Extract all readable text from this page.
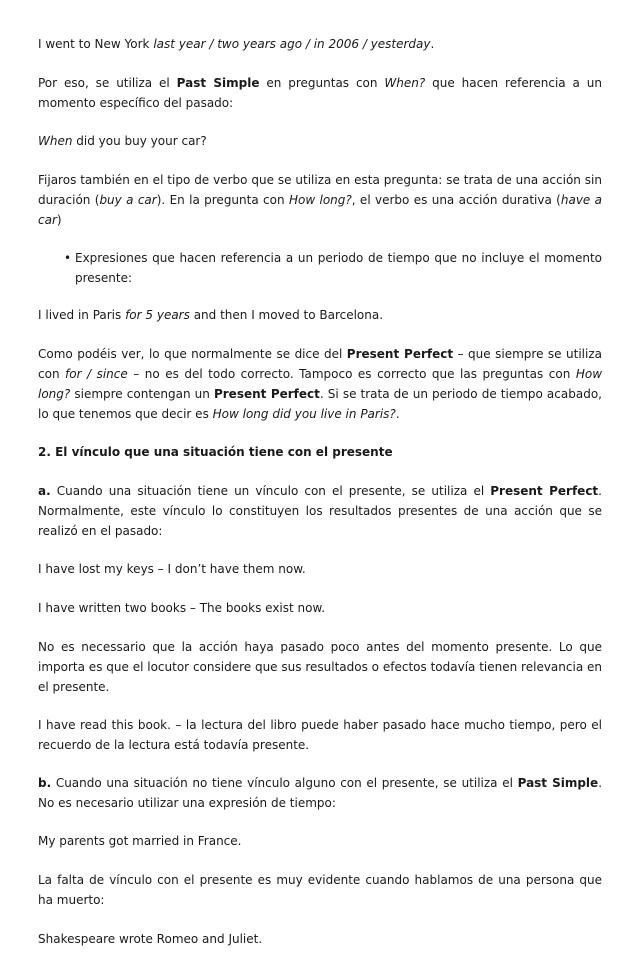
I went to New York last year / two years ago / in 2006 / yesterday.

Por eso, se utiliza el Past Simple en preguntas con When? que hacen referencia a un momento específico del pasado:

When did you buy your car?

Fijaros también en el tipo de verbo que se utiliza en esta pregunta: se trata de una acción sin duración (buy a car). En la pregunta con How long?, el verbo es una acción durativa (have a car)

• Expresiones que hacen referencia a un periodo de tiempo que no incluye el momento presente:

I lived in Paris for 5 years and then I moved to Barcelona.

Como podéis ver, lo que normalmente se dice del Present Perfect – que siempre se utiliza con for / since – no es del todo correcto. Tampoco es correcto que las preguntas con How long? siempre contengan un Present Perfect. Si se trata de un periodo de tiempo acabado, lo que tenemos que decir es How long did you live in Paris?.

2. El vínculo que una situación tiene con el presente

a. Cuando una situación tiene un vínculo con el presente, se utiliza el Present Perfect. Normalmente, este vínculo lo constituyen los resultados presentes de una acción que se realizó en el pasado:

I have lost my keys – I don’t have them now.

I have written two books – The books exist now.

No es necessario que la acción haya pasado poco antes del momento presente. Lo que importa es que el locutor considere que sus resultados o efectos todavía tienen relevancia en el presente.

I have read this book. – la lectura del libro puede haber pasado hace mucho tiempo, pero el recuerdo de la lectura está todavía presente.

b. Cuando una situación no tiene vínculo alguno con el presente, se utiliza el Past Simple. No es necesario utilizar una expresión de tiempo:

My parents got married in France.

La falta de vínculo con el presente es muy evidente cuando hablamos de una persona que ha muerto:

Shakespeare wrote Romeo and Juliet.
